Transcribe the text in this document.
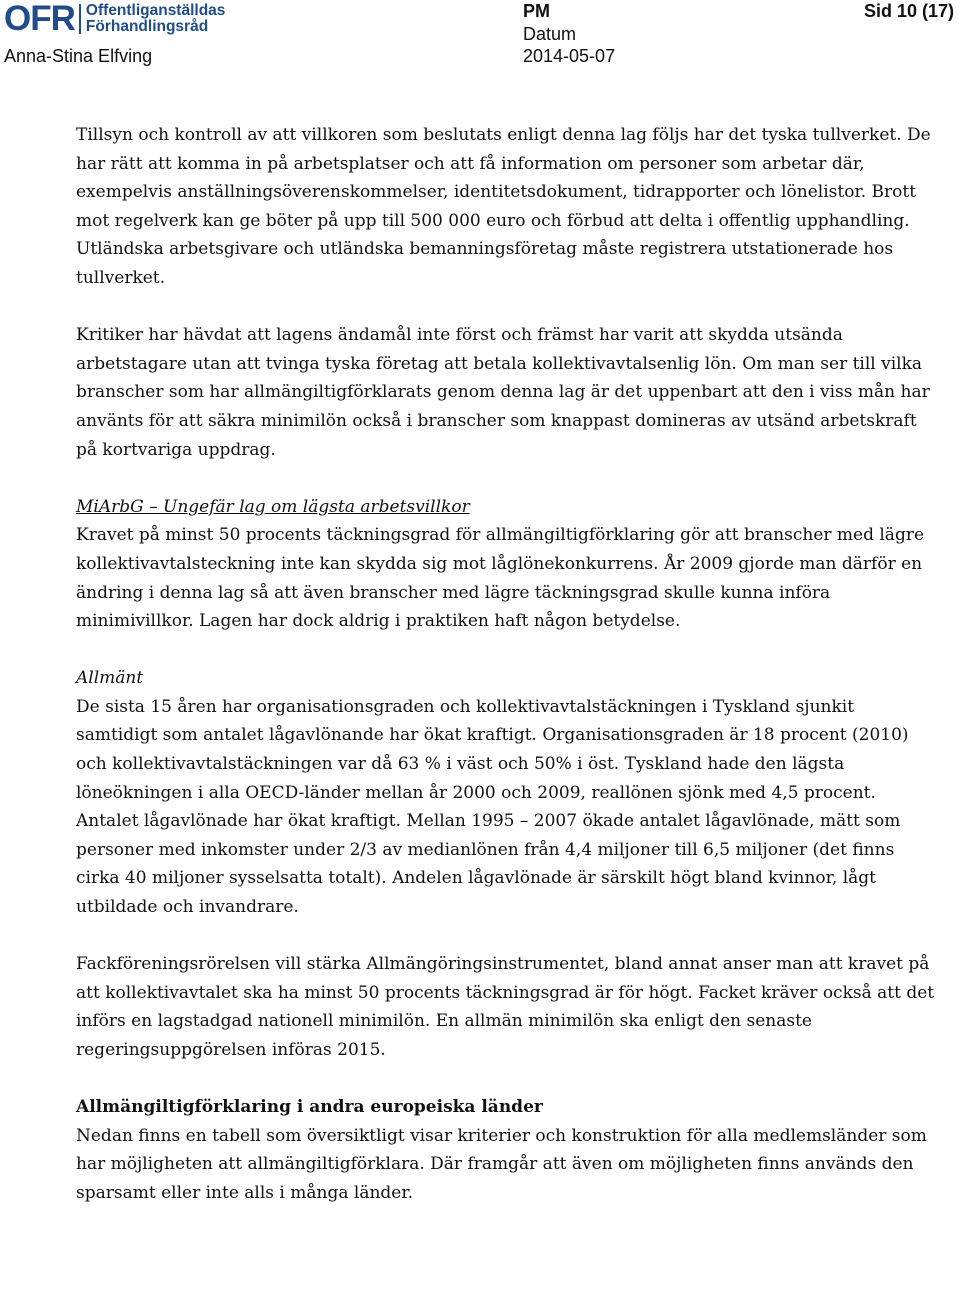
OFR Offentliganställdas
Förhandlingsråd
Anna-Stina Elfving
PM
Datum
2014-05-07
Sid 10 (17)

Tillsyn och kontroll av att villkoren som beslutats enligt denna lag följs har det tyska tullverket. De har rätt att komma in på arbetsplatser och att få information om personer som arbetar där, exempelvis anställningsöverenskommelser, identitetsdokument, tidrapporter och lönelistor. Brott mot regelverk kan ge böter på upp till 500 000 euro och förbud att delta i offentlig upphandling. Utländska arbetsgivare och utländska bemanningsföretag måste registrera utstationerade hos tullverket.

Kritiker har hävdat att lagens ändamål inte först och främst har varit att skydda utsända arbetstagare utan att tvinga tyska företag att betala kollektivavtalsenlig lön. Om man ser till vilka branscher som har allmängiltigförklarats genom denna lag är det uppenbart att den i viss mån har använts för att säkra minimilön också i branscher som knappast domineras av utsänd arbetskraft på kortvariga uppdrag.

MiArbG – Ungefär lag om lägsta arbetsvillkor
Kravet på minst 50 procents täckningsgrad för allmängiltigförklaring gör att branscher med lägre kollektivavtalsteckning inte kan skydda sig mot låglönekonkurrens. År 2009 gjorde man därför en ändring i denna lag så att även branscher med lägre täckningsgrad skulle kunna införa minimivillkor. Lagen har dock aldrig i praktiken haft någon betydelse.

Allmänt
De sista 15 åren har organisationsgraden och kollektivavtalstäckningen i Tyskland sjunkit samtidigt som antalet lågavlönande har ökat kraftigt. Organisationsgraden är 18 procent (2010) och kollektivavtalstäckningen var då 63 % i väst och 50% i öst. Tyskland hade den lägsta löneökningen i alla OECD-länder mellan år 2000 och 2009, reallönen sjönk med 4,5 procent. Antalet lågavlönade har ökat kraftigt. Mellan 1995 – 2007 ökade antalet lågavlönade, mätt som personer med inkomster under 2/3 av medianlönen från 4,4 miljoner till 6,5 miljoner (det finns cirka 40 miljoner sysselsatta totalt). Andelen lågavlönade är särskilt högt bland kvinnor, lågt utbildade och invandrare.

Fackföreningsrörelsen vill stärka Allmängöringsinstrumentet, bland annat anser man att kravet på att kollektivavtalet ska ha minst 50 procents täckningsgrad är för högt. Facket kräver också att det införs en lagstadgad nationell minimilön. En allmän minimilön ska enligt den senaste regeringsuppgörelsen införas 2015.

Allmängiltigförklaring i andra europeiska länder
Nedan finns en tabell som översiktligt visar kriterier och konstruktion för alla medlemsländer som har möjligheten att allmängiltigförklara. Där framgår att även om möjligheten finns används den sparsamt eller inte alls i många länder.
